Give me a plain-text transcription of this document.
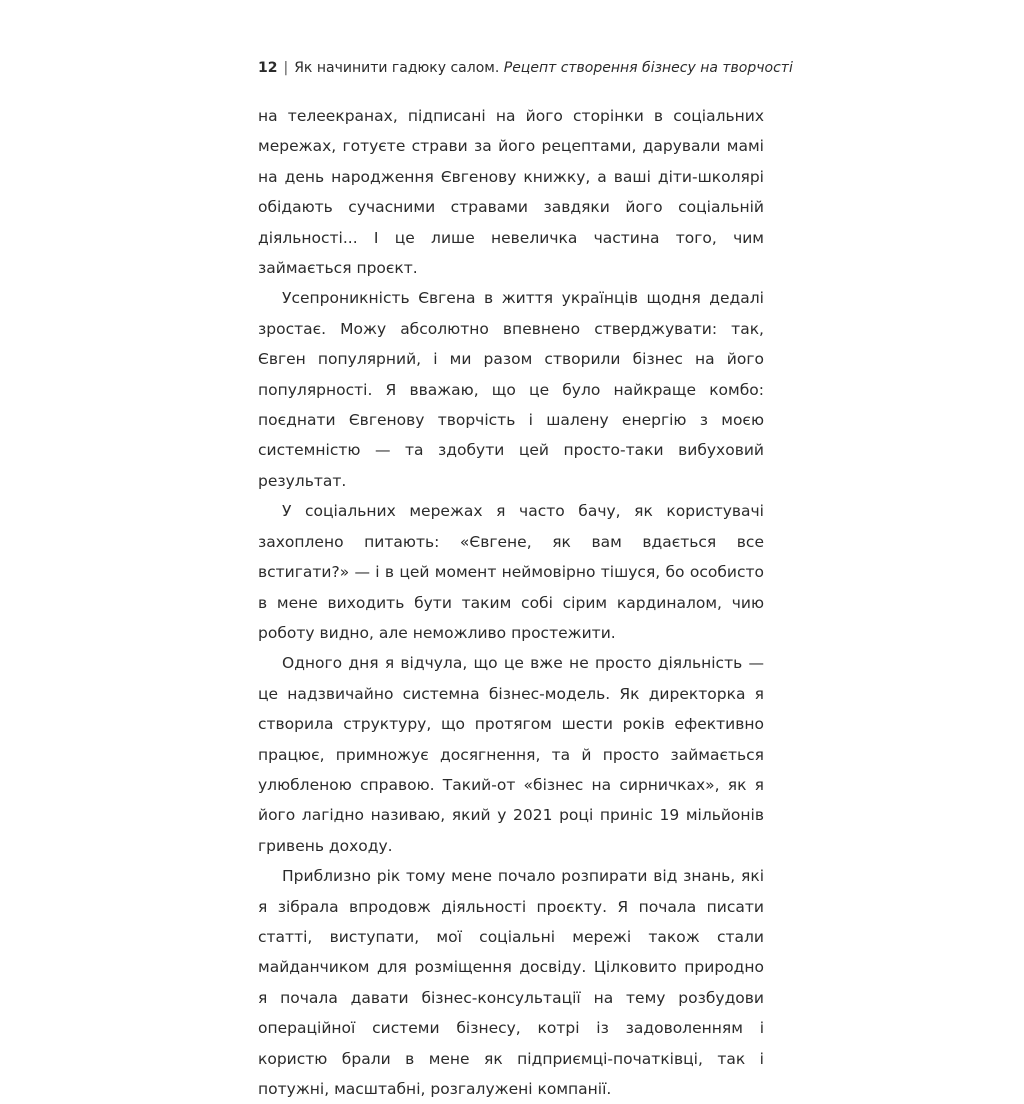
12 | Як начинити гадюку салом. Рецепт створення бізнесу на творчості

на телеекранах, підписані на його сторінки в соціальних мережах, готуєте страви за його рецептами, дарували мамі на день народження Євгенову книжку, а ваші діти-школярі обідають сучасними стравами завдяки його соціальній діяльності... І це лише невеличка частина того, чим займається проєкт.

Усепроникність Євгена в життя українців щодня дедалі зростає. Можу абсолютно впевнено стверджувати: так, Євген популярний, і ми разом створили бізнес на його популярності. Я вважаю, що це було найкраще комбо: поєднати Євгенову творчість і шалену енергію з моєю системністю — та здобути цей просто-таки вибуховий результат.

У соціальних мережах я часто бачу, як користувачі захоплено питають: «Євгене, як вам вдається все встигати?» — і в цей момент неймовірно тішуся, бо особисто в мене виходить бути таким собі сірим кардиналом, чию роботу видно, але неможливо простежити.

Одного дня я відчула, що це вже не просто діяльність — це надзвичайно системна бізнес-модель. Як директорка я створила структуру, що протягом шести років ефективно працює, примножує досягнення, та й просто займається улюбленою справою. Такий-от «бізнес на сирничках», як я його лагідно називаю, який у 2021 році приніс 19 мільйонів гривень доходу.

Приблизно рік тому мене почало розпирати від знань, які я зібрала впродовж діяльності проєкту. Я почала писати статті, виступати, мої соціальні мережі також стали майданчиком для розміщення досвіду. Цілковито природно я почала давати бізнес-консультації на тему розбудови операційної системи бізнесу, котрі із задоволенням і користю брали в мене як підприємці-початківці, так і потужні, масштабні, розгалужені компанії.
